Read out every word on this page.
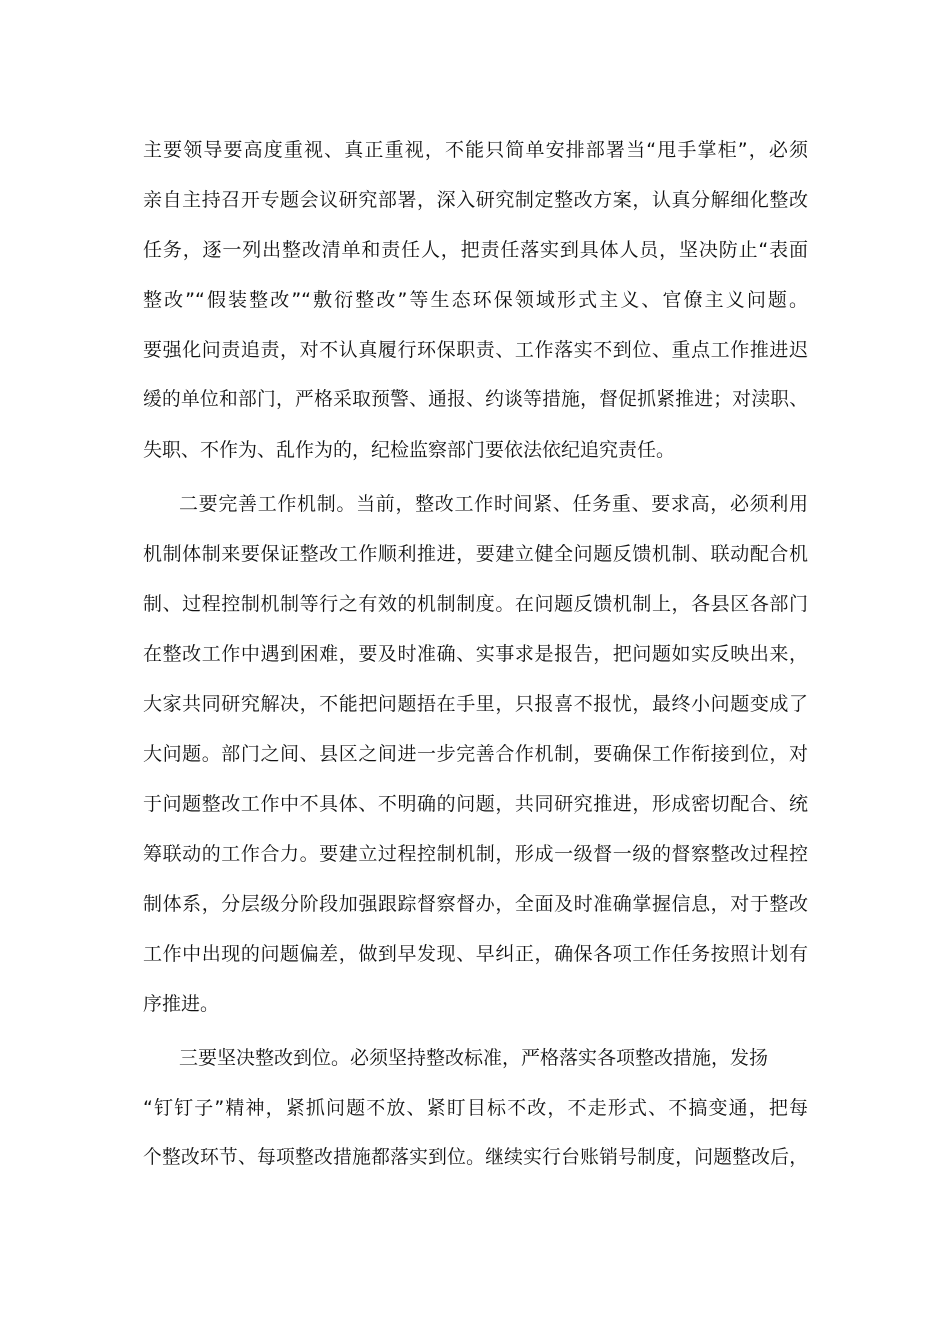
主要领导要高度重视、真正重视，不能只简单安排部署当“甩手掌柜”，必须
亲自主持召开专题会议研究部署，深入研究制定整改方案，认真分解细化整改
任务，逐一列出整改清单和责任人，把责任落实到具体人员，坚决防止“表面
整改”“假装整改”“敷衍整改”等生态环保领域形式主义、官僚主义问题。
要强化问责追责，对不认真履行环保职责、工作落实不到位、重点工作推进迟
缓的单位和部门，严格采取预警、通报、约谈等措施，督促抓紧推进；对渎职、
失职、不作为、乱作为的，纪检监察部门要依法依纪追究责任。
二要完善工作机制。当前，整改工作时间紧、任务重、要求高，必须利用
机制体制来要保证整改工作顺利推进，要建立健全问题反馈机制、联动配合机
制、过程控制机制等行之有效的机制制度。在问题反馈机制上，各县区各部门
在整改工作中遇到困难，要及时准确、实事求是报告，把问题如实反映出来，
大家共同研究解决，不能把问题捂在手里，只报喜不报忧，最终小问题变成了
大问题。部门之间、县区之间进一步完善合作机制，要确保工作衔接到位，对
于问题整改工作中不具体、不明确的问题，共同研究推进，形成密切配合、统
筹联动的工作合力。要建立过程控制机制，形成一级督一级的督察整改过程控
制体系，分层级分阶段加强跟踪督察督办，全面及时准确掌握信息，对于整改
工作中出现的问题偏差，做到早发现、早纠正，确保各项工作任务按照计划有
序推进。
三要坚决整改到位。必须坚持整改标准，严格落实各项整改措施，发扬
“钉钉子”精神，紧抓问题不放、紧盯目标不改，不走形式、不搞变通，把每
个整改环节、每项整改措施都落实到位。继续实行台账销号制度，问题整改后，
